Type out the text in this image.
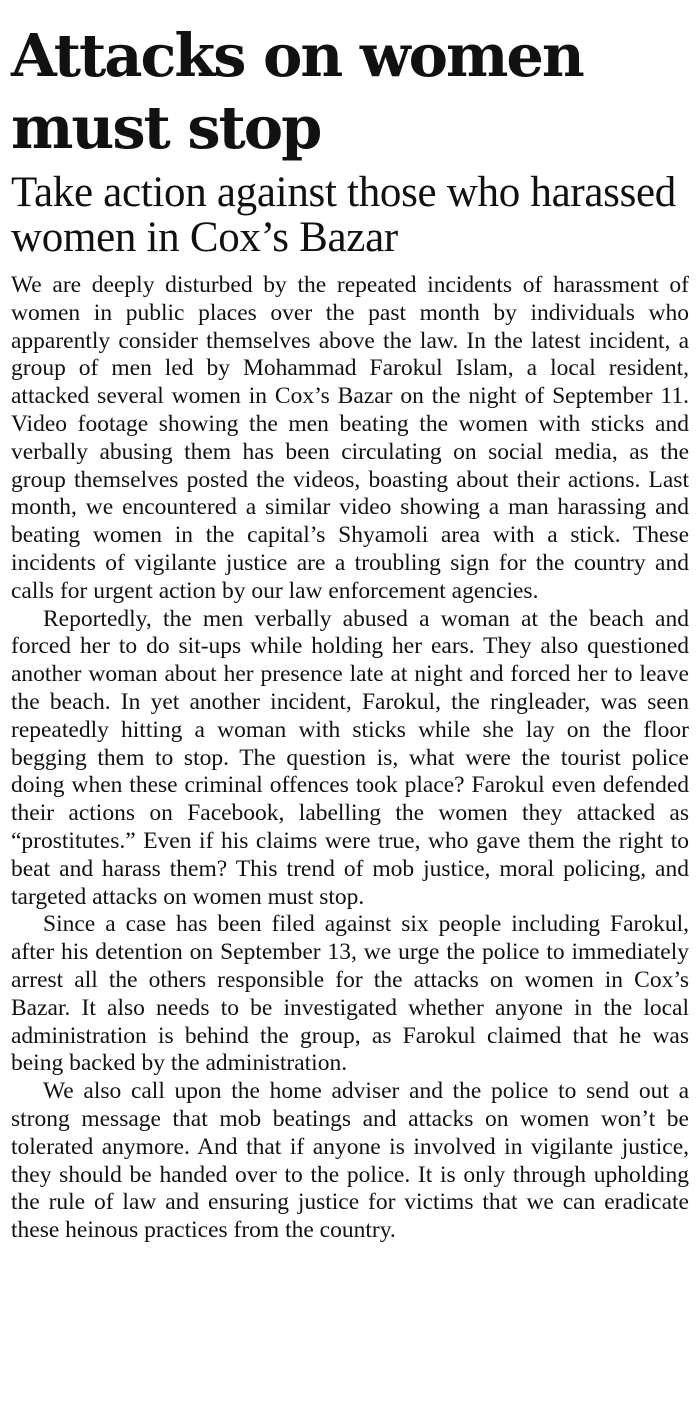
Attacks on women must stop
Take action against those who harassed women in Cox’s Bazar

We are deeply disturbed by the repeated incidents of harassment of women in public places over the past month by individuals who apparently consider themselves above the law. In the latest incident, a group of men led by Mohammad Farokul Islam, a local resident, attacked several women in Cox’s Bazar on the night of September 11. Video footage showing the men beating the women with sticks and verbally abusing them has been circulating on social media, as the group themselves posted the videos, boasting about their actions. Last month, we encountered a similar video showing a man harassing and beating women in the capital’s Shyamoli area with a stick. These incidents of vigilante justice are a troubling sign for the country and calls for urgent action by our law enforcement agencies.

Reportedly, the men verbally abused a woman at the beach and forced her to do sit-ups while holding her ears. They also questioned another woman about her presence late at night and forced her to leave the beach. In yet another incident, Farokul, the ringleader, was seen repeatedly hitting a woman with sticks while she lay on the floor begging them to stop. The question is, what were the tourist police doing when these criminal offences took place? Farokul even defended their actions on Facebook, labelling the women they attacked as “prostitutes.” Even if his claims were true, who gave them the right to beat and harass them? This trend of mob justice, moral policing, and targeted attacks on women must stop.

Since a case has been filed against six people including Farokul, after his detention on September 13, we urge the police to immediately arrest all the others responsible for the attacks on women in Cox’s Bazar. It also needs to be investigated whether anyone in the local administration is behind the group, as Farokul claimed that he was being backed by the administration.

We also call upon the home adviser and the police to send out a strong message that mob beatings and attacks on women won’t be tolerated anymore. And that if anyone is involved in vigilante justice, they should be handed over to the police. It is only through upholding the rule of law and ensuring justice for victims that we can eradicate these heinous practices from the country.
